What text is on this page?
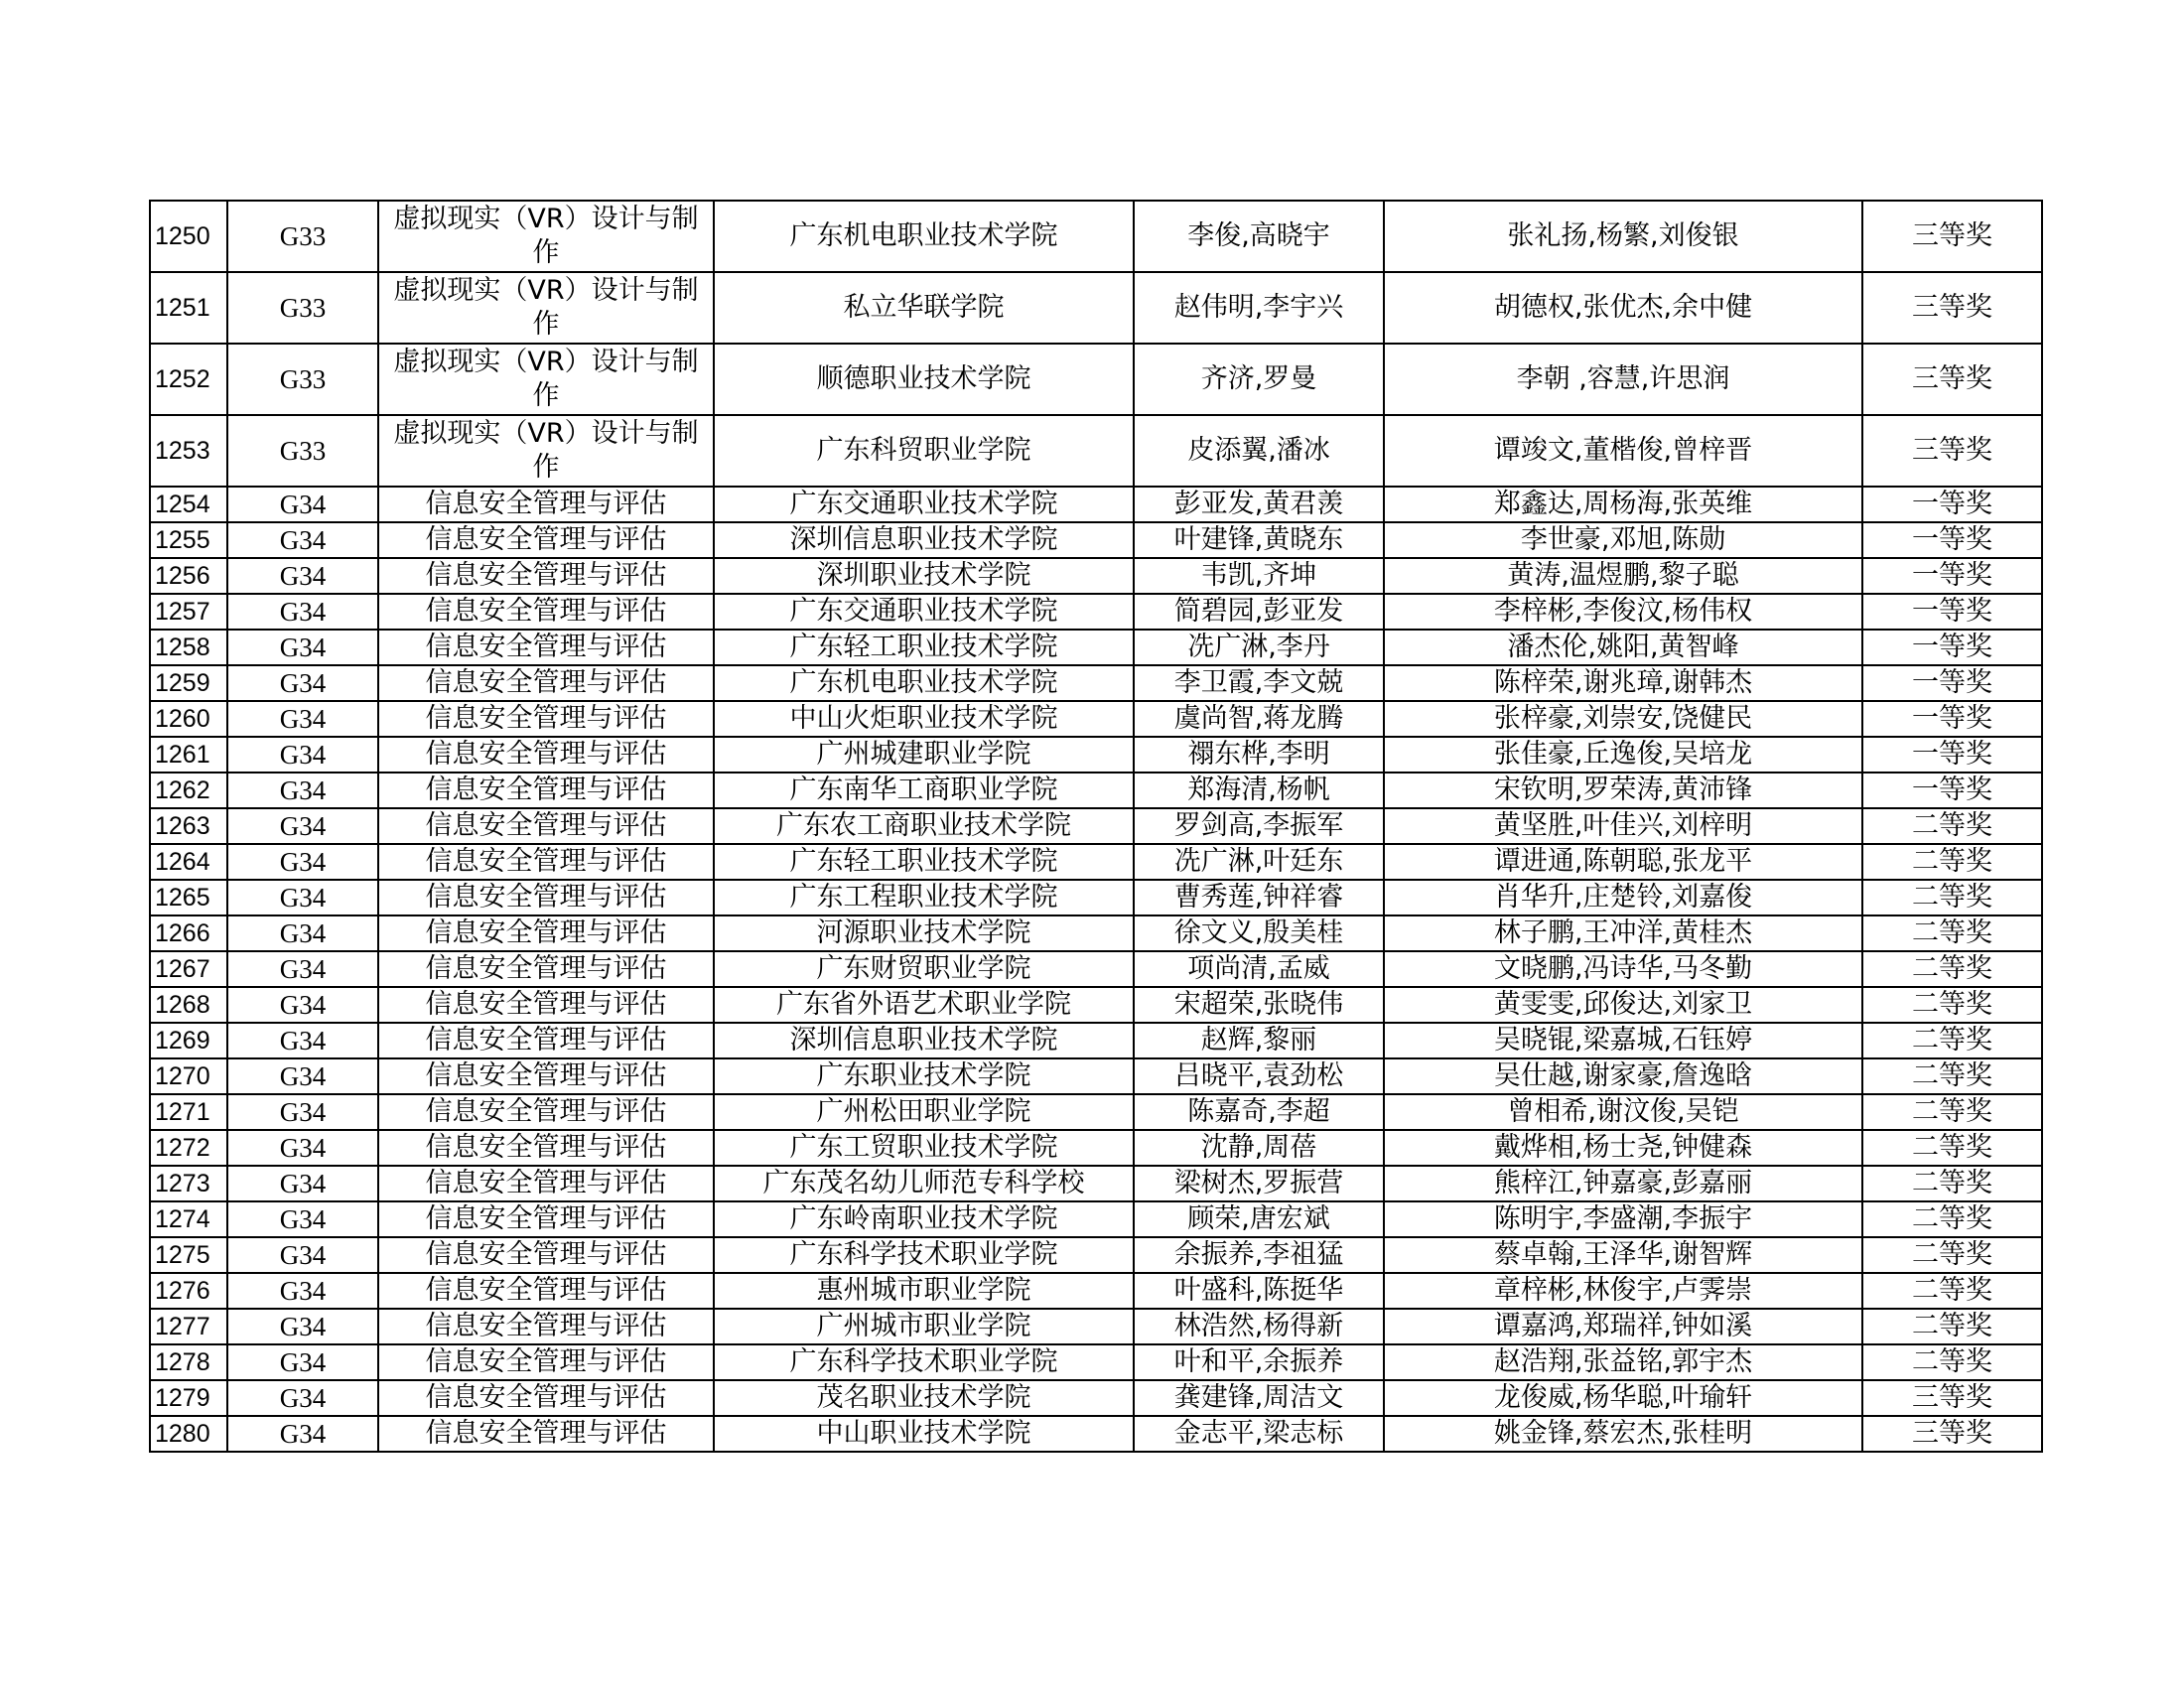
1250	G33	虚拟现实（VR）设计与制作	广东机电职业技术学院	李俊,高晓宇	张礼扬,杨繁,刘俊银	三等奖
1251	G33	虚拟现实（VR）设计与制作	私立华联学院	赵伟明,李宇兴	胡德权,张优杰,余中健	三等奖
1252	G33	虚拟现实（VR）设计与制作	顺德职业技术学院	齐济,罗曼	李朝 ,容慧,许思润	三等奖
1253	G33	虚拟现实（VR）设计与制作	广东科贸职业学院	皮添翼,潘冰	谭竣文,董楷俊,曾梓晋	三等奖
1254	G34	信息安全管理与评估	广东交通职业技术学院	彭亚发,黄君羡	郑鑫达,周杨海,张英维	一等奖
1255	G34	信息安全管理与评估	深圳信息职业技术学院	叶建锋,黄晓东	李世豪,邓旭,陈勋	一等奖
1256	G34	信息安全管理与评估	深圳职业技术学院	韦凯,齐坤	黄涛,温煜鹏,黎子聪	一等奖
1257	G34	信息安全管理与评估	广东交通职业技术学院	简碧园,彭亚发	李梓彬,李俊汶,杨伟权	一等奖
1258	G34	信息安全管理与评估	广东轻工职业技术学院	冼广淋,李丹	潘杰伦,姚阳,黄智峰	一等奖
1259	G34	信息安全管理与评估	广东机电职业技术学院	李卫霞,李文兢	陈梓荣,谢兆璋,谢韩杰	一等奖
1260	G34	信息安全管理与评估	中山火炬职业技术学院	虞尚智,蒋龙腾	张梓豪,刘崇安,饶健民	一等奖
1261	G34	信息安全管理与评估	广州城建职业学院	禤东桦,李明	张佳豪,丘逸俊,吴培龙	一等奖
1262	G34	信息安全管理与评估	广东南华工商职业学院	郑海清,杨帆	宋钦明,罗荣涛,黄沛锋	一等奖
1263	G34	信息安全管理与评估	广东农工商职业技术学院	罗剑高,李振军	黄坚胜,叶佳兴,刘梓明	二等奖
1264	G34	信息安全管理与评估	广东轻工职业技术学院	冼广淋,叶廷东	谭进通,陈朝聪,张龙平	二等奖
1265	G34	信息安全管理与评估	广东工程职业技术学院	曹秀莲,钟祥睿	肖华升,庄楚铃,刘嘉俊	二等奖
1266	G34	信息安全管理与评估	河源职业技术学院	徐文义,殷美桂	林子鹏,王冲洋,黄桂杰	二等奖
1267	G34	信息安全管理与评估	广东财贸职业学院	项尚清,孟威	文晓鹏,冯诗华,马冬勤	二等奖
1268	G34	信息安全管理与评估	广东省外语艺术职业学院	宋超荣,张晓伟	黄雯雯,邱俊达,刘家卫	二等奖
1269	G34	信息安全管理与评估	深圳信息职业技术学院	赵辉,黎丽	吴晓锟,梁嘉城,石钰婷	二等奖
1270	G34	信息安全管理与评估	广东职业技术学院	吕晓平,袁劲松	吴仕越,谢家豪,詹逸晗	二等奖
1271	G34	信息安全管理与评估	广州松田职业学院	陈嘉奇,李超	曾相希,谢汶俊,吴铠	二等奖
1272	G34	信息安全管理与评估	广东工贸职业技术学院	沈静,周蓓	戴烨相,杨士尧,钟健森	二等奖
1273	G34	信息安全管理与评估	广东茂名幼儿师范专科学校	梁树杰,罗振营	熊梓江,钟嘉豪,彭嘉丽	二等奖
1274	G34	信息安全管理与评估	广东岭南职业技术学院	顾荣,唐宏斌	陈明宇,李盛潮,李振宇	二等奖
1275	G34	信息安全管理与评估	广东科学技术职业学院	余振养,李祖猛	蔡卓翰,王泽华,谢智辉	二等奖
1276	G34	信息安全管理与评估	惠州城市职业学院	叶盛科,陈挺华	章梓彬,林俊宇,卢霁崇	二等奖
1277	G34	信息安全管理与评估	广州城市职业学院	林浩然,杨得新	谭嘉鸿,郑瑞祥,钟如溪	二等奖
1278	G34	信息安全管理与评估	广东科学技术职业学院	叶和平,余振养	赵浩翔,张益铭,郭宇杰	二等奖
1279	G34	信息安全管理与评估	茂名职业技术学院	龚建锋,周洁文	龙俊威,杨华聪,叶瑜轩	三等奖
1280	G34	信息安全管理与评估	中山职业技术学院	金志平,梁志标	姚金锋,蔡宏杰,张桂明	三等奖
